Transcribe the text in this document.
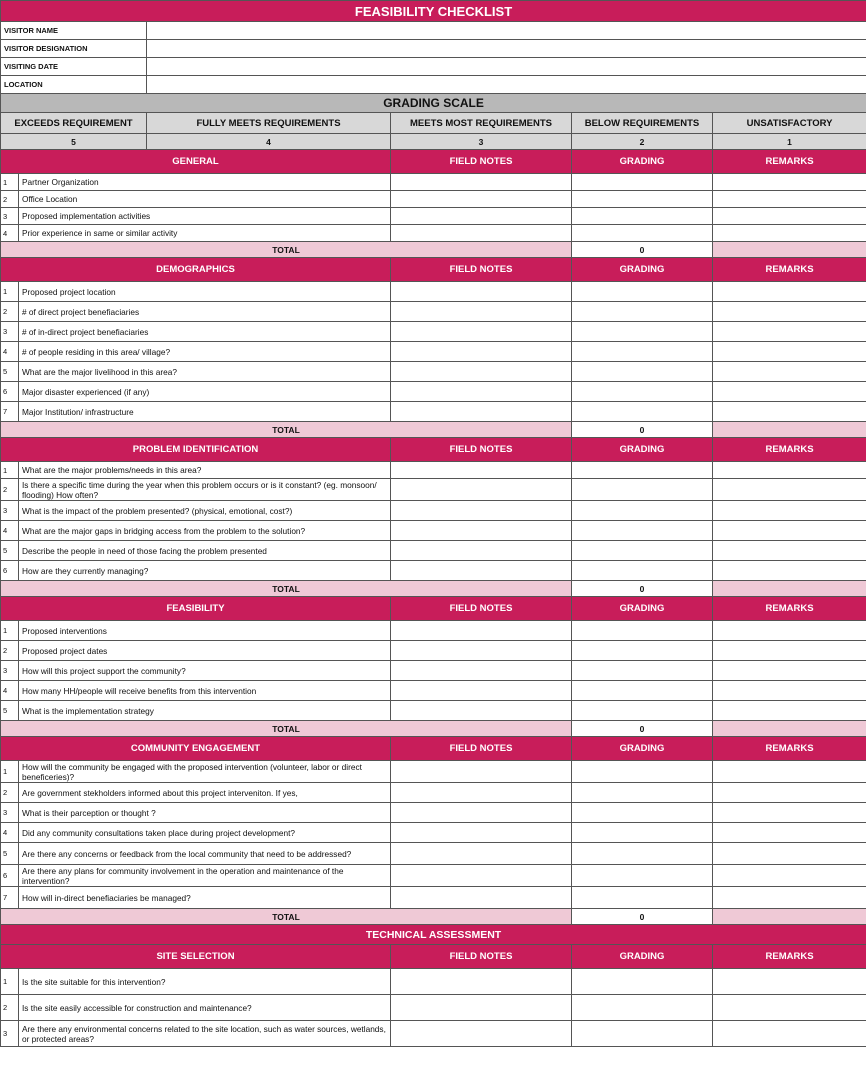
FEASIBILITY CHECKLIST					
VISITOR NAME					
VISITOR DESIGNATION					
VISITING DATE					
LOCATION					
GRADING SCALE					
EXCEEDS REQUIREMENT		FULLY MEETS REQUIREMENTS	MEETS MOST REQUIREMENTS	BELOW REQUIREMENTS	UNSATISFACTORY
5		4	3	2	1
GENERAL			FIELD NOTES	GRADING	REMARKS
1	Partner Organization				
2	Office Location				
3	Proposed implementation activities				
4	Prior experience in same or similar activity				
TOTAL				0	
DEMOGRAPHICS			FIELD NOTES	GRADING	REMARKS
1	Proposed project location				
2	# of direct project benefiaciaries				
3	# of in-direct project benefiaciaries				
4	# of people residing in this area/ village?				
5	What are the major livelihood in this area?				
6	Major disaster experienced (if any)				
7	Major Institution/ infrastructure				
TOTAL				0	
PROBLEM IDENTIFICATION			FIELD NOTES	GRADING	REMARKS
1	What are the major problems/needs in this area?				
2	Is there a specific time during the year when this problem occurs or is it constant? (eg. monsoon/ flooding) How often?				
3	What is the impact of the problem presented? (physical, emotional, cost?)				
4	What are the major gaps in bridging access from the problem to the solution?				
5	Describe the people in need of those facing the problem presented				
6	How are they currently managing?				
TOTAL				0	
FEASIBILITY			FIELD NOTES	GRADING	REMARKS
1	Proposed interventions				
2	Proposed project dates				
3	How will this project support the community?				
4	How many HH/people will receive benefits from this intervention				
5	What is the implementation strategy				
TOTAL				0	
COMMUNITY ENGAGEMENT			FIELD NOTES	GRADING	REMARKS
1	How will the community be engaged with the proposed intervention (volunteer, labor or direct beneficeries)?				
2	Are government stekholders informed about this project interveniton. If yes,				
3	What is their parception or thought ?				
4	Did any community consultations taken place during project development?				
5	Are there any concerns or feedback from the local community that need to be addressed?				
6	Are there any plans for community involvement in the operation and maintenance of the intervention?				
7	How will in-direct benefiaciaries be managed?				
TOTAL				0	
TECHNICAL ASSESSMENT					
SITE SELECTION			FIELD NOTES	GRADING	REMARKS
1	Is the site suitable for this intervention?				
2	Is the site easily accessible for construction and maintenance?				
3	Are there any environmental concerns related to the site location, such as water sources, wetlands, or protected areas?				
